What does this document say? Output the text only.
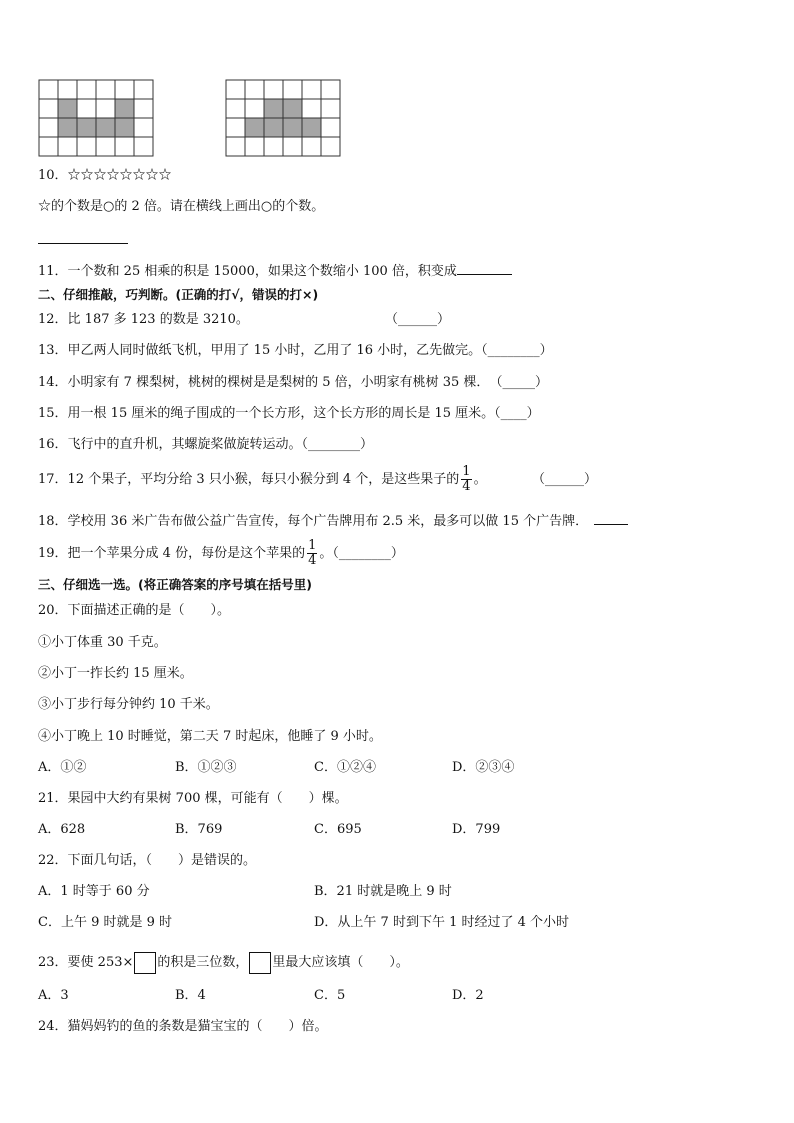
10．☆☆☆☆☆☆☆☆
☆的个数是○的 2 倍。请在横线上画出○的个数。
11．一个数和 25 相乘的积是 15000，如果这个数缩小 100 倍，积变成
二、仔细推敲，巧判断。(正确的打√，错误的打×)
12．比 187 多 123 的数是 3210。	（______）
13．甲乙两人同时做纸飞机，甲用了 15 小时，乙用了 16 小时，乙先做完。（________）
14．小明家有 7 棵梨树，桃树的棵树是是梨树的 5 倍，小明家有桃树 35 棵．　 （_____）
15．用一根 15 厘米的绳子围成的一个长方形，这个长方形的周长是 15 厘米。（____）
16．飞行中的直升机，其螺旋桨做旋转运动。（________）
17．12 个果子，平均分给 3 只小猴，每只小猴分到 4 个，是这些果子的 $\frac{1}{4}$ 。	（______）
18．学校用 36 米广告布做公益广告宣传，每个广告牌用布 2.5 米，最多可以做 15 个广告牌．
19．把一个苹果分成 4 份，每份是这个苹果的 $\frac{1}{4}$ 。（________）
三、仔细选一选。(将正确答案的序号填在括号里)
20．下面描述正确的是（　　）。
①小丁体重 30 千克。
②小丁一拃长约 15 厘米。
③小丁步行每分钟约 10 千米。
④小丁晚上 10 时睡觉，第二天 7 时起床，他睡了 9 小时。
A．①②	B．①②③	C．①②④	D．②③④
21．果园中大约有果树 700 棵，可能有（　　）棵。
A．628	B．769	C．695	D．799
22．下面几句话，（　　）是错误的。
A．1 时等于 60 分	B．21 时就是晚上 9 时
C．上午 9 时就是 9 时	D．从上午 7 时到下午 1 时经过了 4 个小时
23．要使 253× 的积是三位数， 里最大应该填（　　）。
A．3	B．4	C．5	D．2
24．猫妈妈钓的鱼的条数是猫宝宝的（　　）倍。
